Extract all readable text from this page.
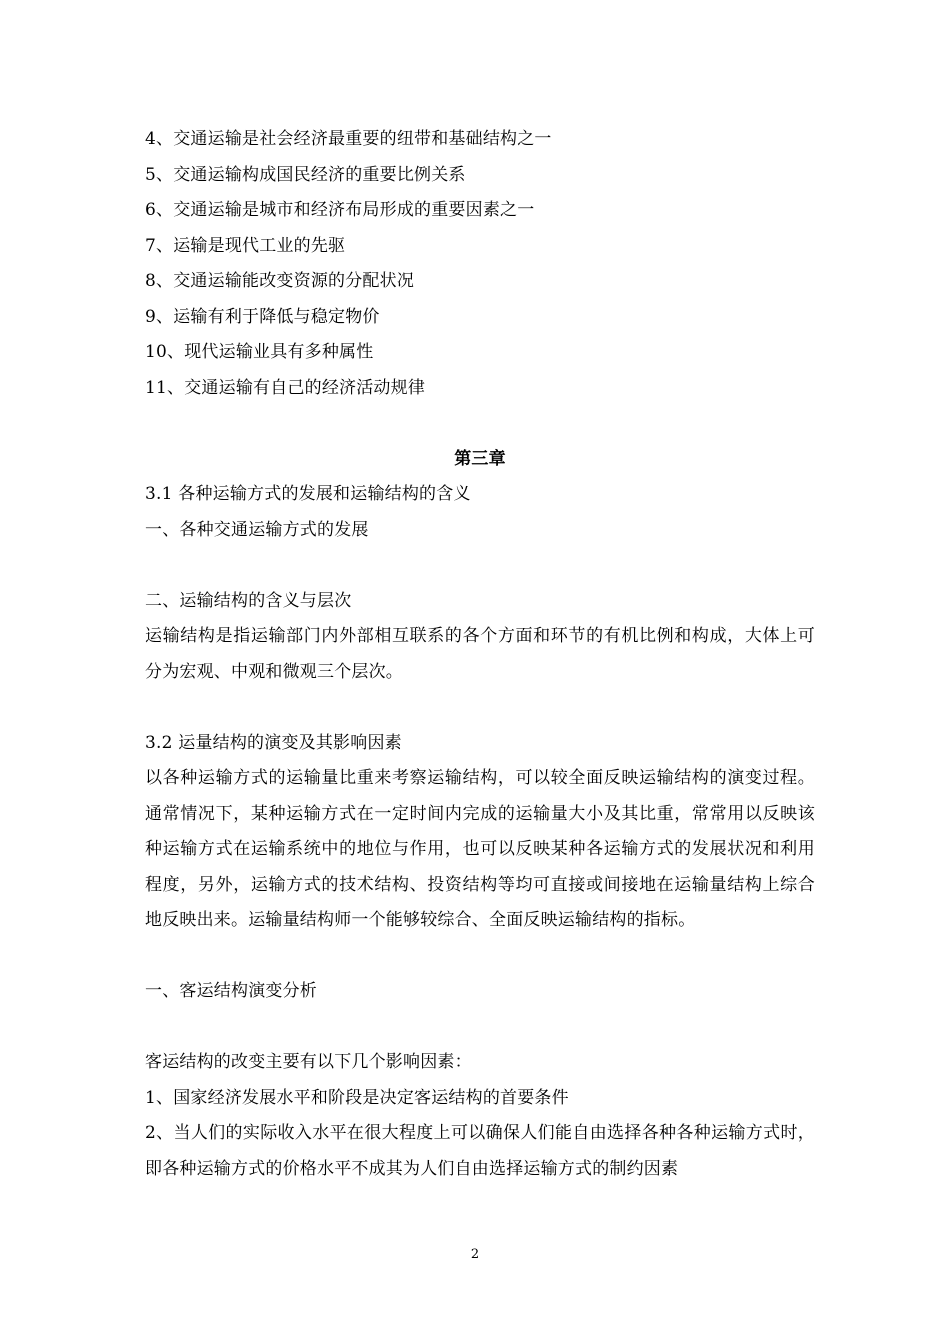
4、交通运输是社会经济最重要的纽带和基础结构之一
5、交通运输构成国民经济的重要比例关系
6、交通运输是城市和经济布局形成的重要因素之一
7、运输是现代工业的先驱
8、交通运输能改变资源的分配状况
9、运输有利于降低与稳定物价
10、现代运输业具有多种属性
11、交通运输有自己的经济活动规律
第三章
3.1 各种运输方式的发展和运输结构的含义
一、各种交通运输方式的发展
二、运输结构的含义与层次
运输结构是指运输部门内外部相互联系的各个方面和环节的有机比例和构成，大体上可分为宏观、中观和微观三个层次。
3.2 运量结构的演变及其影响因素
以各种运输方式的运输量比重来考察运输结构，可以较全面反映运输结构的演变过程。通常情况下，某种运输方式在一定时间内完成的运输量大小及其比重，常常用以反映该种运输方式在运输系统中的地位与作用，也可以反映某种各运输方式的发展状况和利用程度，另外，运输方式的技术结构、投资结构等均可直接或间接地在运输量结构上综合地反映出来。运输量结构师一个能够较综合、全面反映运输结构的指标。
一、客运结构演变分析
客运结构的改变主要有以下几个影响因素：
1、国家经济发展水平和阶段是决定客运结构的首要条件
2、当人们的实际收入水平在很大程度上可以确保人们能自由选择各种各种运输方式时，即各种运输方式的价格水平不成其为人们自由选择运输方式的制约因素
2
